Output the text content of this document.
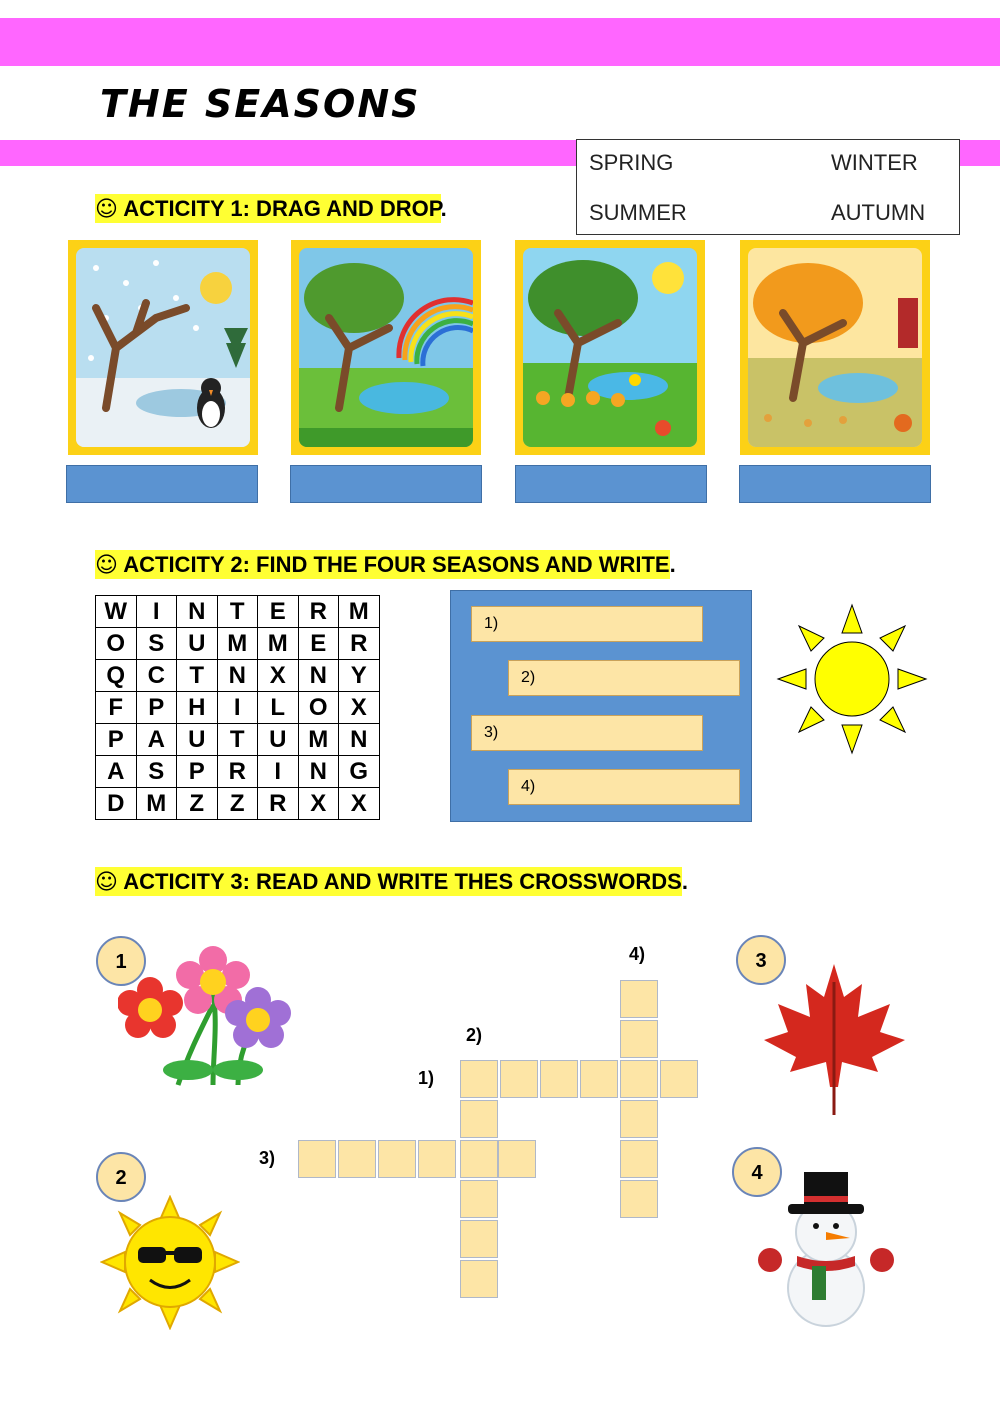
THE SEASONS
SPRING	WINTER
SUMMER	AUTUMN
☺ ACTICITY 1: DRAG AND DROP.
☺ ACTICITY 2: FIND THE FOUR SEASONS AND WRITE.
W	I	N	T	E	R	M
O	S	U	M	M	E	R
Q	C	T	N	X	N	Y
F	P	H	I	L	O	X
P	A	U	T	U	M	N
A	S	P	R	I	N	G
D	M	Z	Z	R	X	X
1)
2)
3)
4)
☺ ACTICITY 3: READ AND WRITE THES CROSSWORDS.
1
2
3
4
1)
2)
3)
4)
